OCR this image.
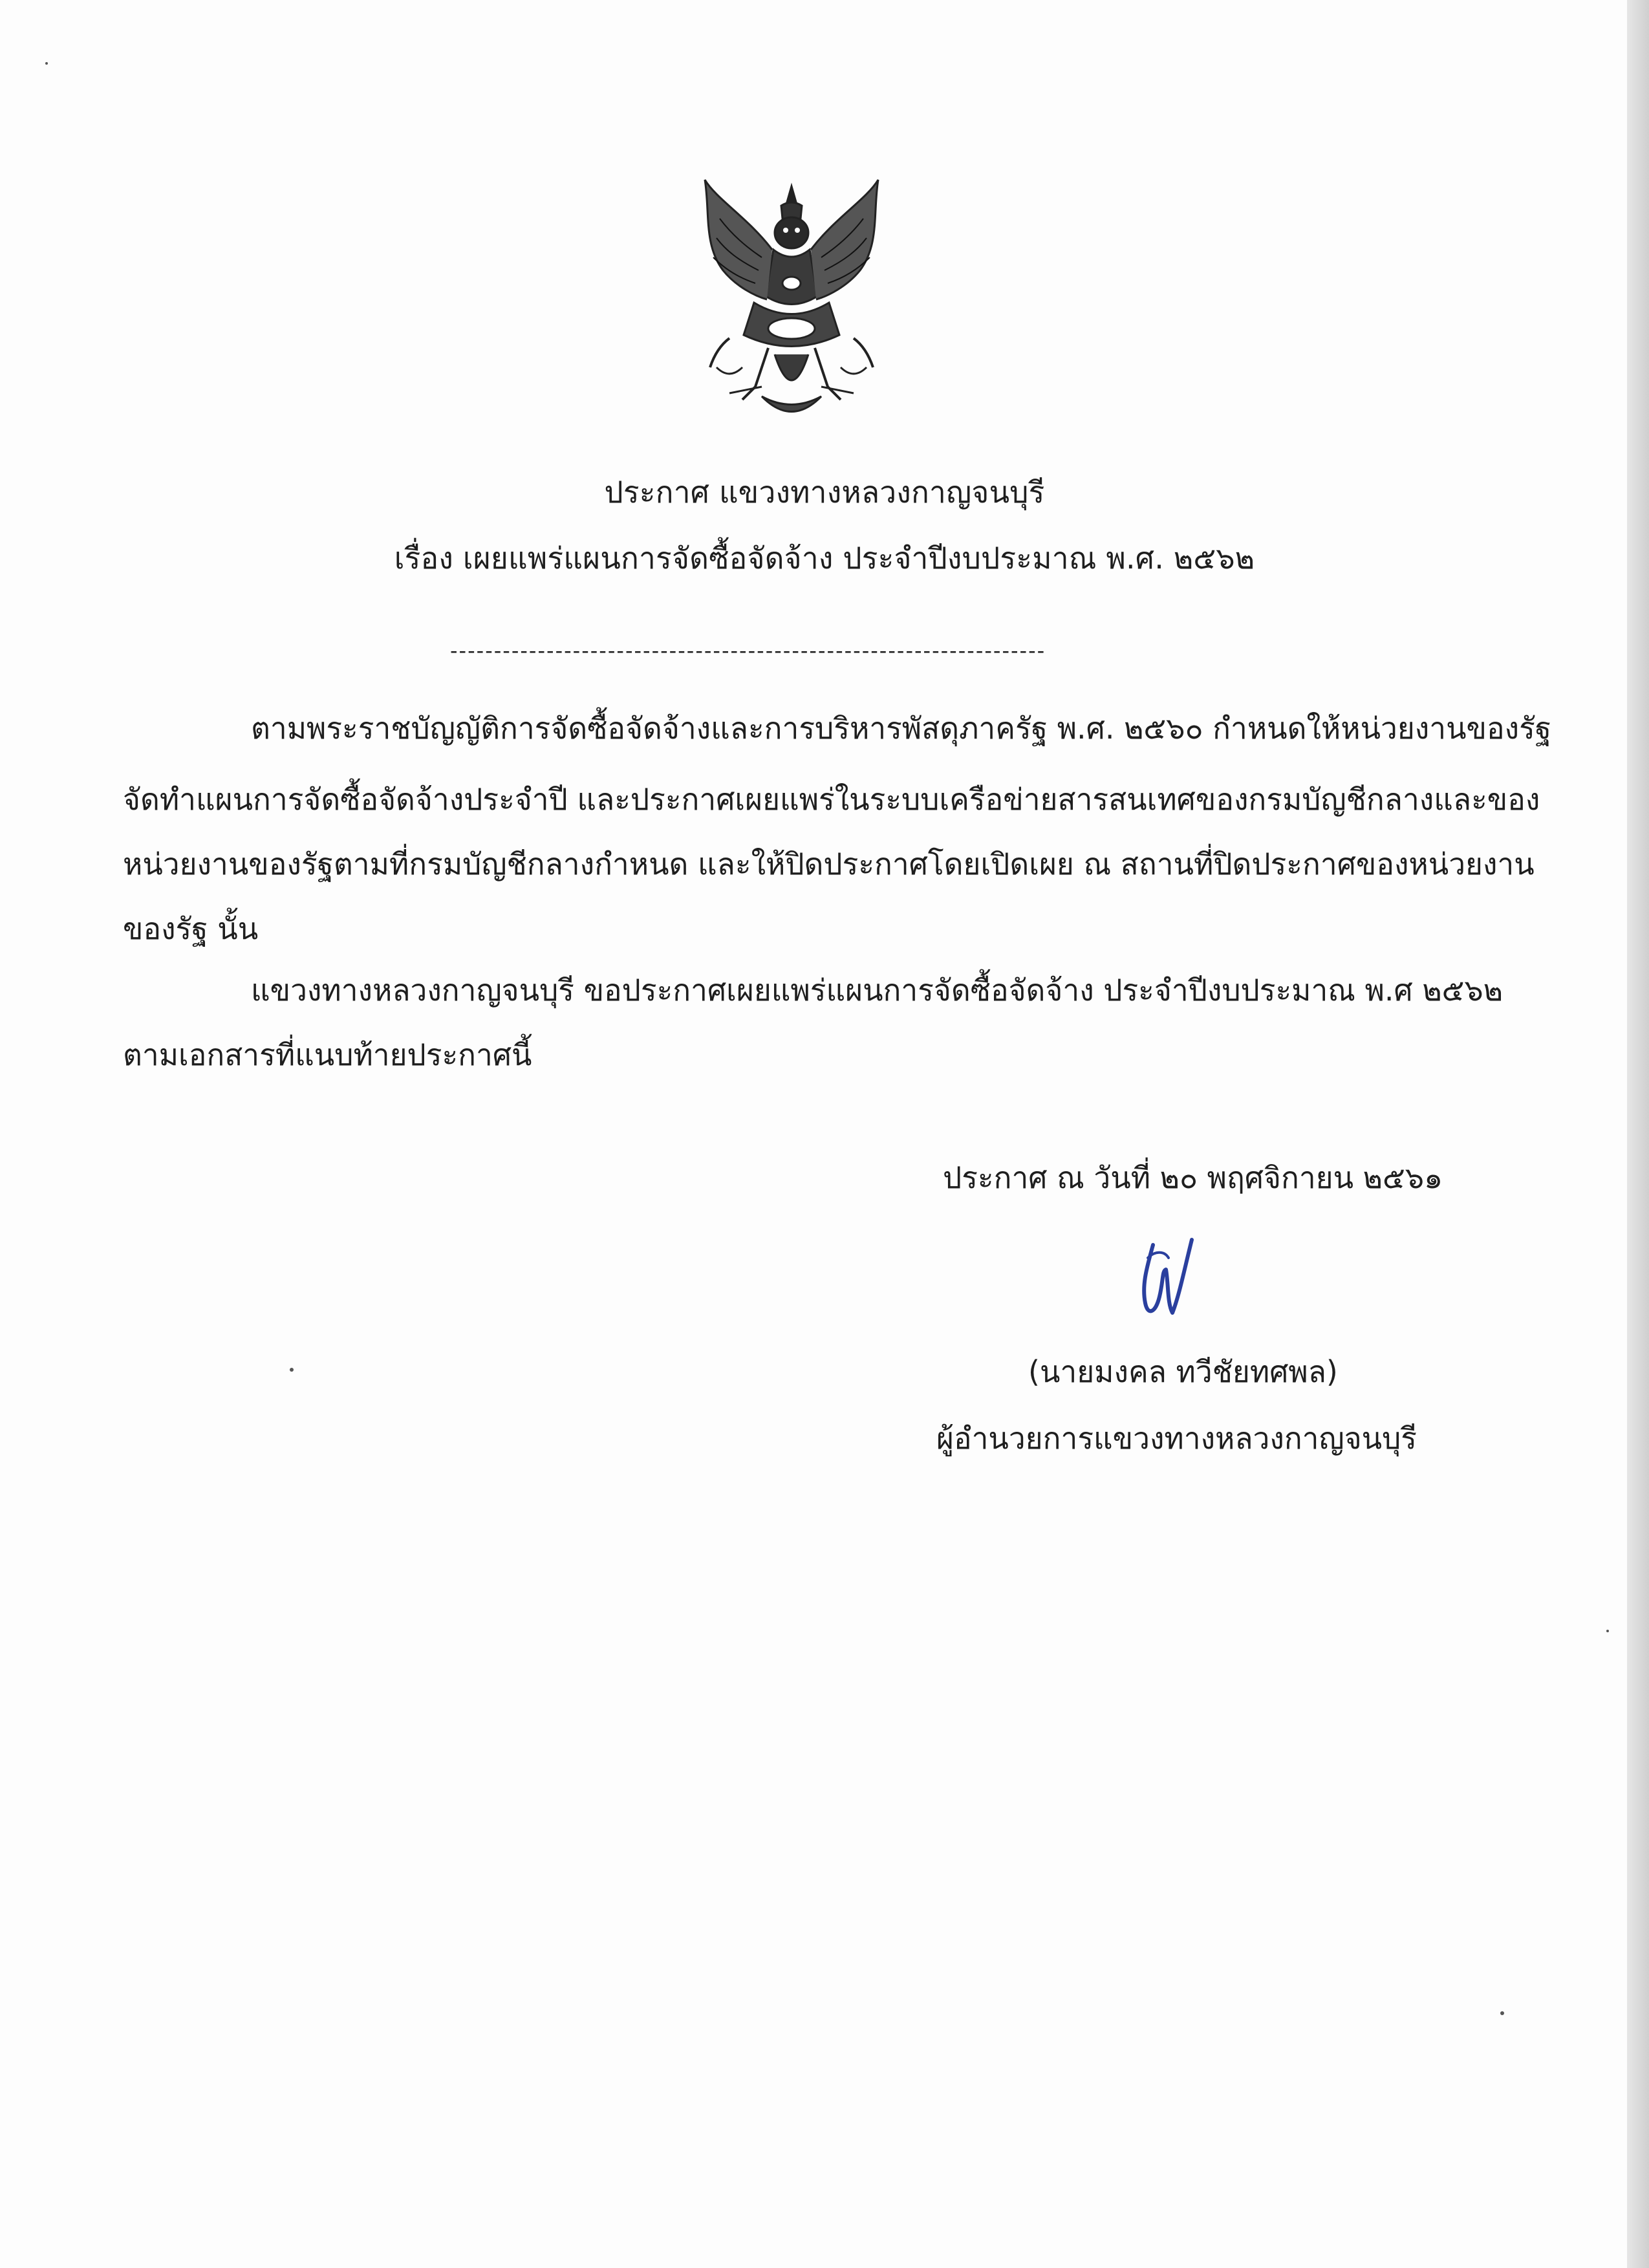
ประกาศ แขวงทางหลวงกาญจนบุรี
เรื่อง เผยแพร่แผนการจัดซื้อจัดจ้าง ประจำปีงบประมาณ พ.ศ. ๒๕๖๒
--------------------------------------------------------------------
ตามพระราชบัญญัติการจัดซื้อจัดจ้างและการบริหารพัสดุภาครัฐ พ.ศ. ๒๕๖๐ กำหนดให้หน่วยงานของรัฐ
จัดทำแผนการจัดซื้อจัดจ้างประจำปี และประกาศเผยแพร่ในระบบเครือข่ายสารสนเทศของกรมบัญชีกลางและของ
หน่วยงานของรัฐตามที่กรมบัญชีกลางกำหนด และให้ปิดประกาศโดยเปิดเผย ณ สถานที่ปิดประกาศของหน่วยงาน
ของรัฐ นั้น
แขวงทางหลวงกาญจนบุรี ขอประกาศเผยแพร่แผนการจัดซื้อจัดจ้าง ประจำปีงบประมาณ พ.ศ ๒๕๖๒
ตามเอกสารที่แนบท้ายประกาศนี้
ประกาศ ณ วันที่ ๒๐ พฤศจิกายน ๒๕๖๑
(นายมงคล ทวีชัยทศพล)
ผู้อำนวยการแขวงทางหลวงกาญจนบุรี
